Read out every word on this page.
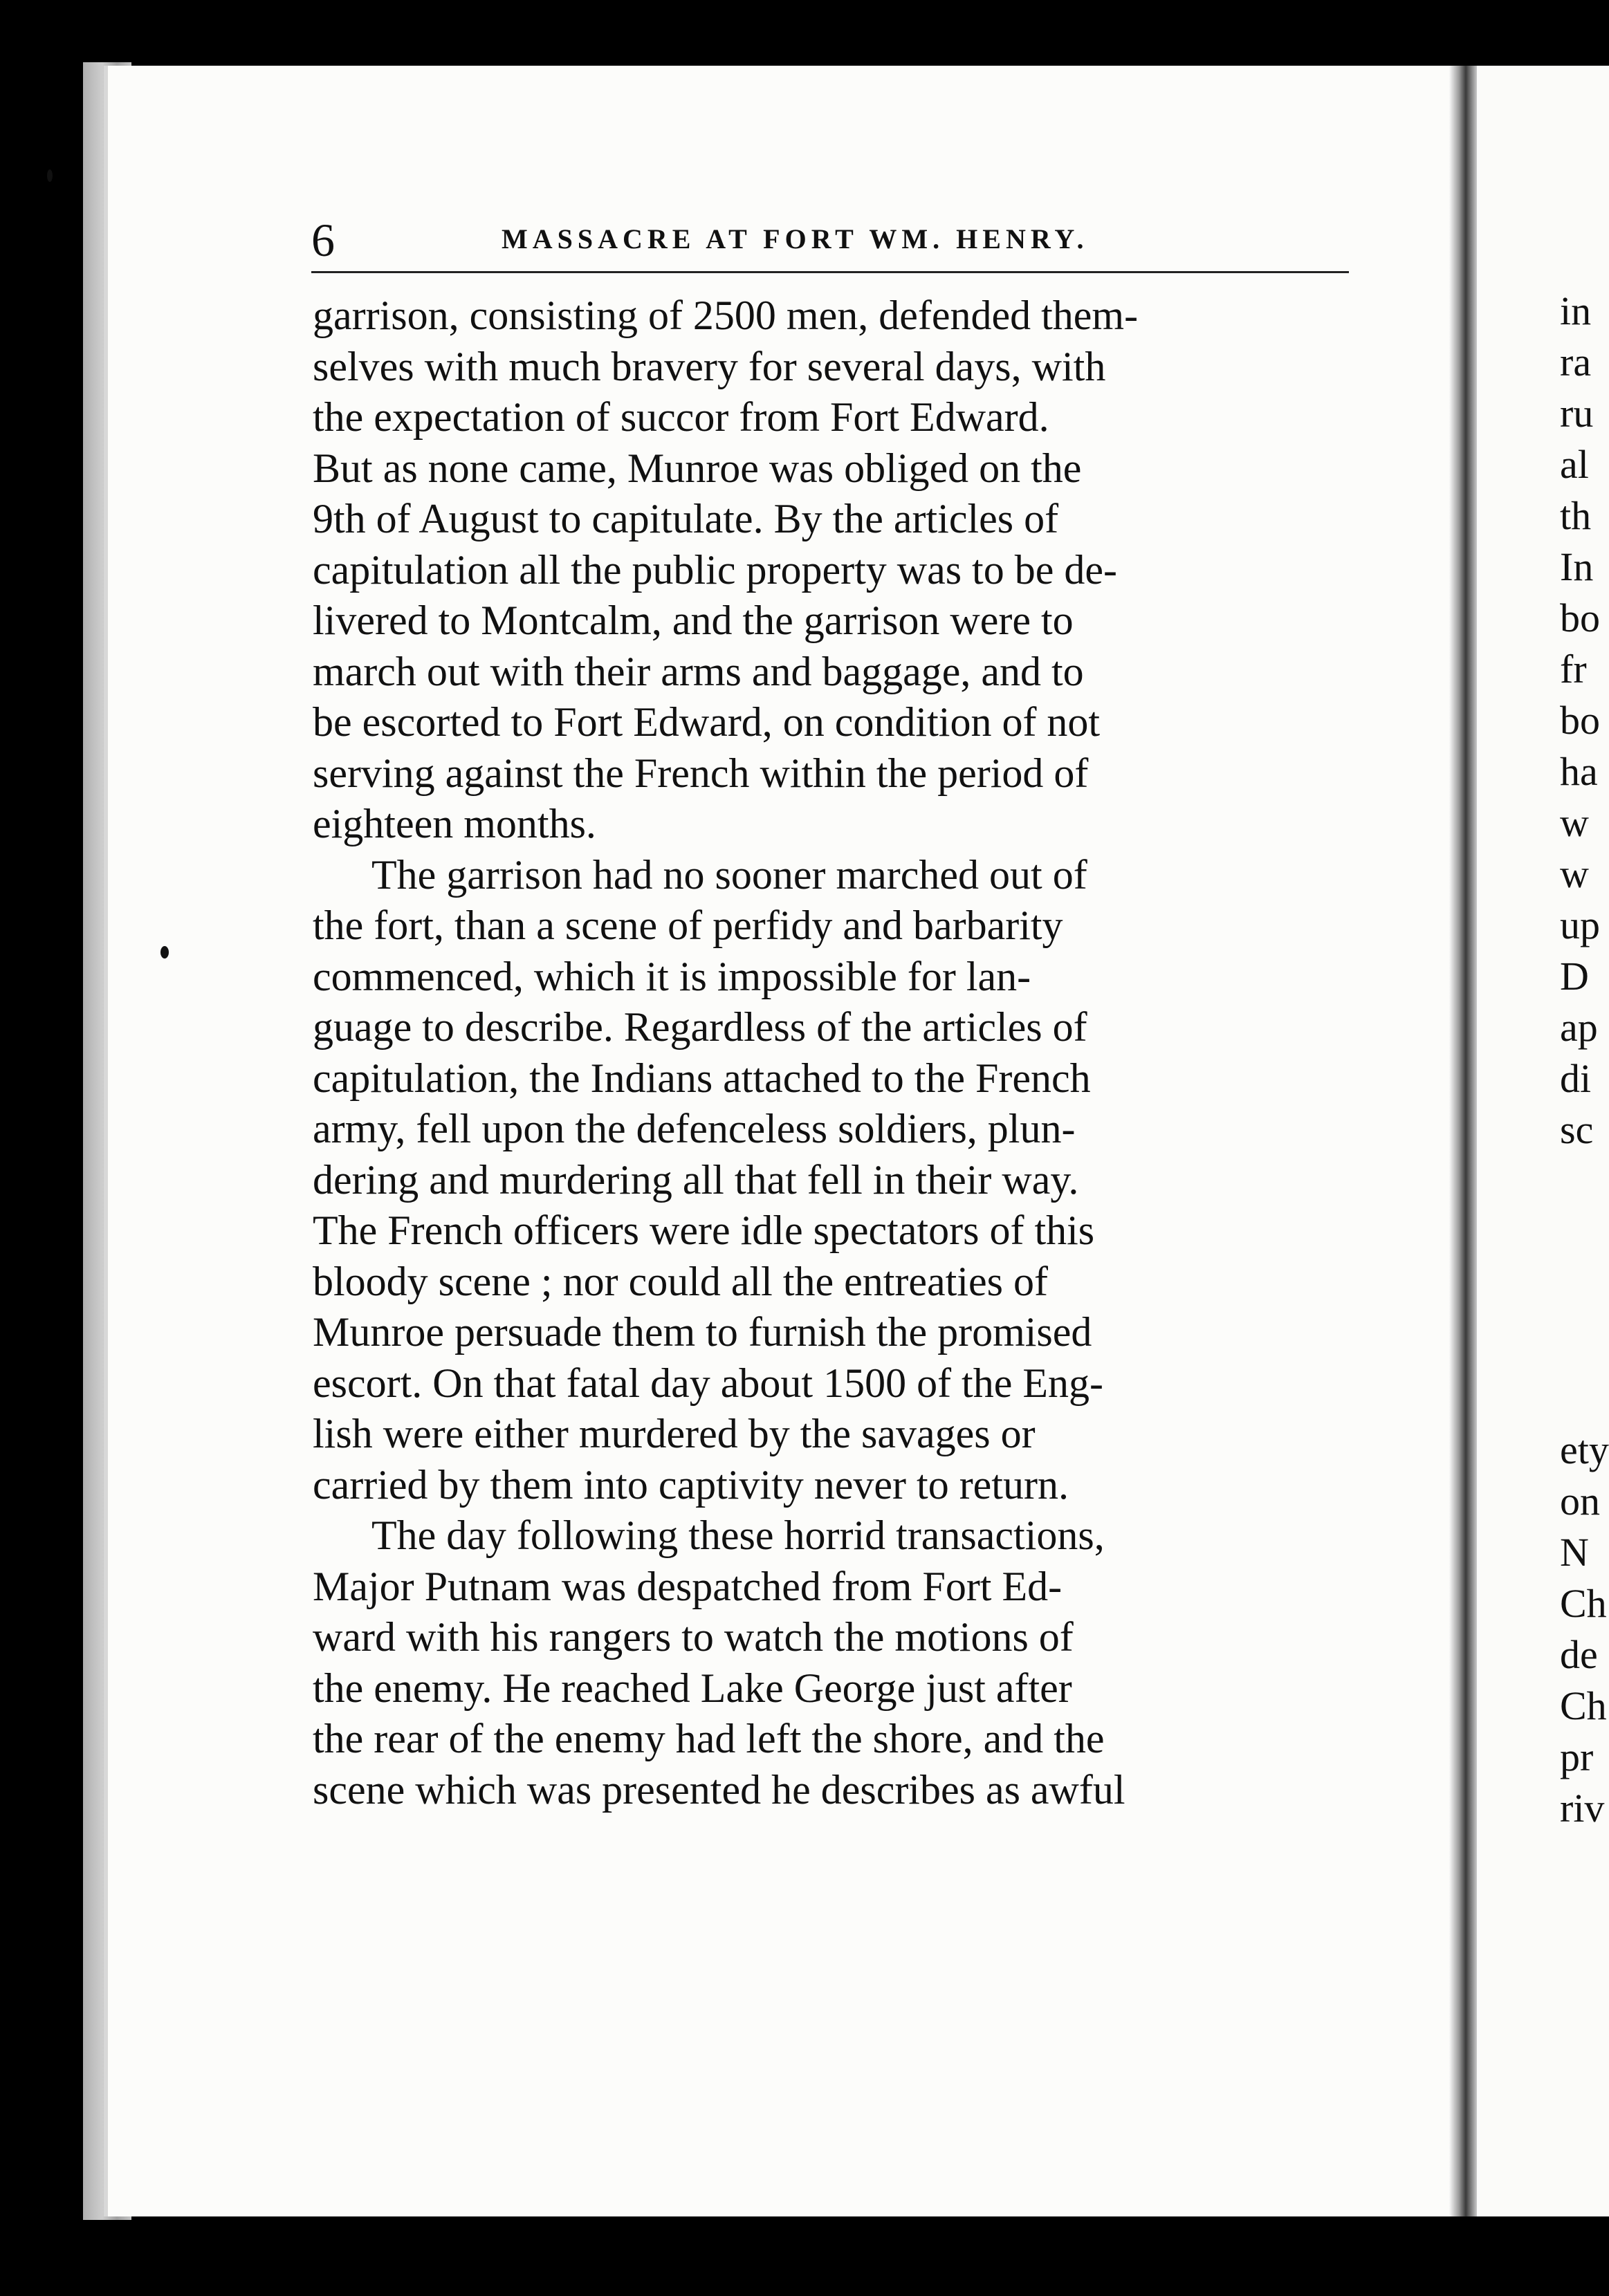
6	MASSACRE AT FORT WM. HENRY.
garrison, consisting of 2500 men, defended them-
selves with much bravery for several days, with
the expectation of succor from Fort Edward.
But as none came, Munroe was obliged on the
9th of August to capitulate. By the articles of
capitulation all the public property was to be de-
livered to Montcalm, and the garrison were to
march out with their arms and baggage, and to
be escorted to Fort Edward, on condition of not
serving against the French within the period of
eighteen months.
The garrison had no sooner marched out of
the fort, than a scene of perfidy and barbarity
commenced, which it is impossible for lan-
guage to describe. Regardless of the articles of
capitulation, the Indians attached to the French
army, fell upon the defenceless soldiers, plun-
dering and murdering all that fell in their way.
The French officers were idle spectators of this
bloody scene ; nor could all the entreaties of
Munroe persuade them to furnish the promised
escort. On that fatal day about 1500 of the Eng-
lish were either murdered by the savages or
carried by them into captivity never to return.
The day following these horrid transactions,
Major Putnam was despatched from Fort Ed-
ward with his rangers to watch the motions of
the enemy. He reached Lake George just after
the rear of the enemy had left the shore, and the
scene which was presented he describes as awful
in
ra
ru
al
th
In
bo
fr
bo
ha
w
w
up
D
ap
di
sc
ety
on
N
Ch
de
Ch
pr
riv
